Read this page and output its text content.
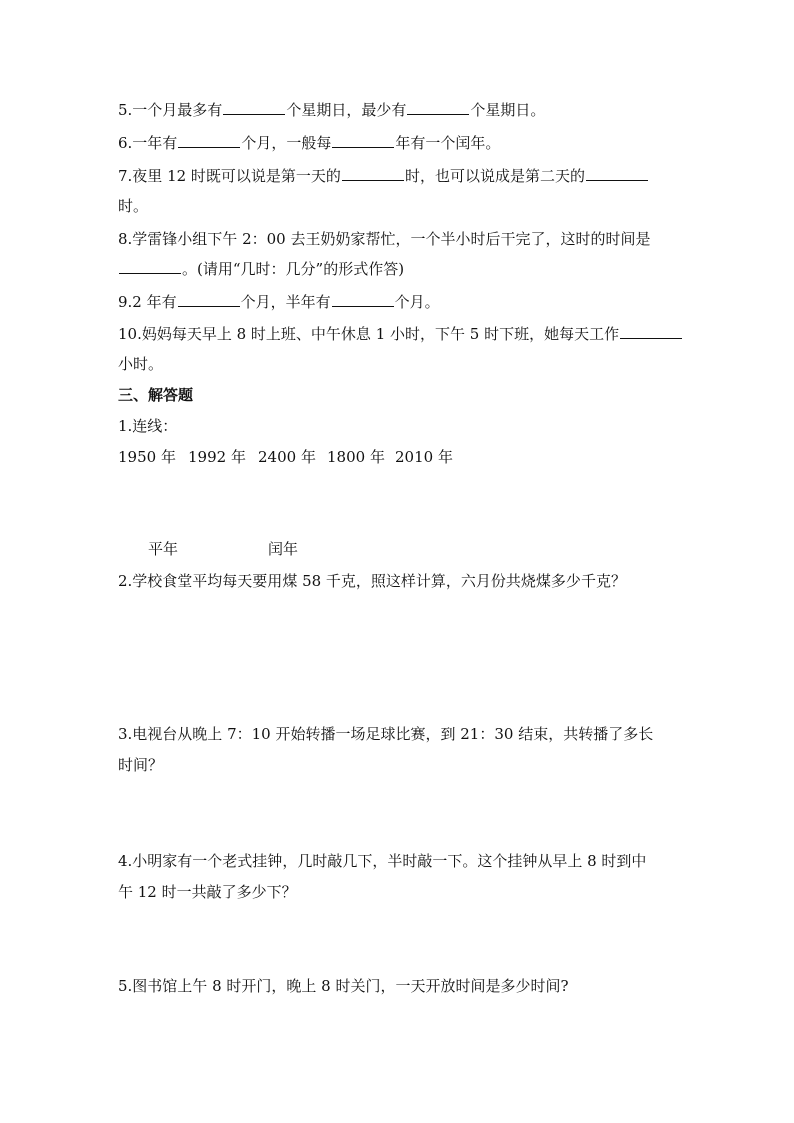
5.一个月最多有	个星期日，最少有	个星期日。
6.一年有	个月，一般每	年有一个闰年。
7.夜里 12 时既可以说是第一天的	时，也可以说成是第二天的
时。
8.学雷锋小组下午 2：00 去王奶奶家帮忙，一个半小时后干完了，这时的时间是
。(请用“几时：几分”的形式作答)
9.2 年有	个月，半年有	个月。
10.妈妈每天早上 8 时上班、中午休息 1 小时，下午 5 时下班，她每天工作
小时。
三、解答题
1.连线：
1950 年 1992 年 2400 年 1800 年 2010 年
平年	闰年
2.学校食堂平均每天要用煤 58 千克，照这样计算，六月份共烧煤多少千克？
3.电视台从晚上 7：10 开始转播一场足球比赛，到 21：30 结束，共转播了多长
时间？
4.小明家有一个老式挂钟，几时敲几下，半时敲一下。这个挂钟从早上 8 时到中
午 12 时一共敲了多少下？
5.图书馆上午 8 时开门，晚上 8 时关门，一天开放时间是多少时间?
